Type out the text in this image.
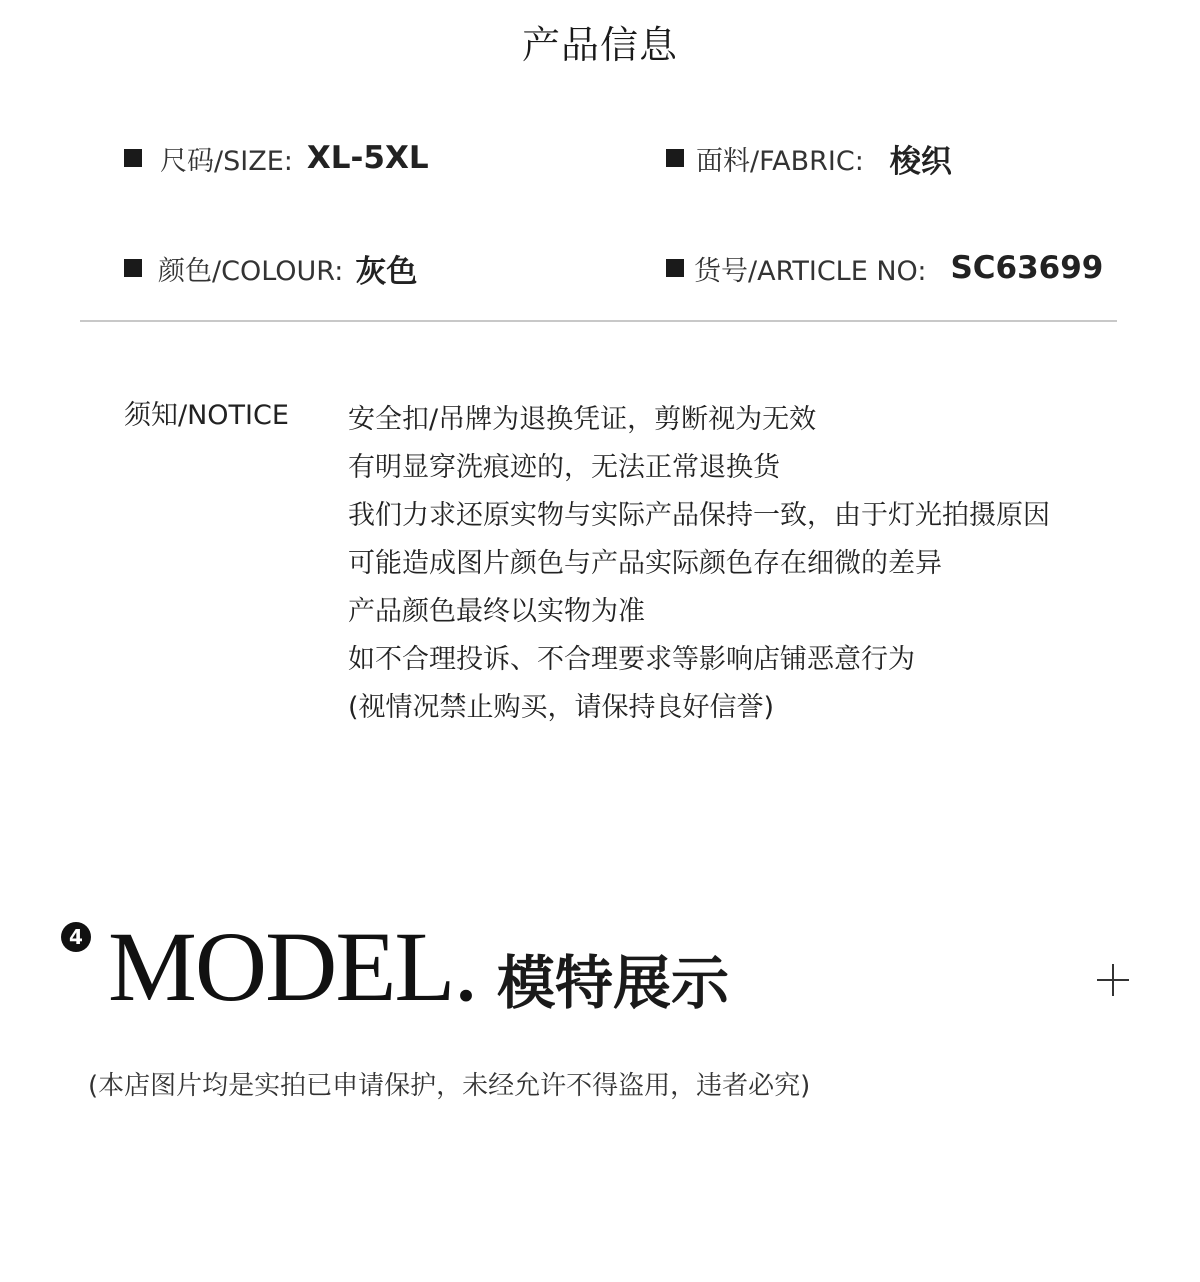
产品信息
尺码/SIZE: XL-5XL	面料/FABRIC: 梭织
颜色/COLOUR: 灰色	货号/ARTICLE NO: SC63699
须知/NOTICE 安全扣/吊牌为退换凭证，剪断视为无效
有明显穿洗痕迹的，无法正常退换货
我们力求还原实物与实际产品保持一致，由于灯光拍摄原因
可能造成图片颜色与产品实际颜色存在细微的差异
产品颜色最终以实物为准
如不合理投诉、不合理要求等影响店铺恶意行为
(视情况禁止购买，请保持良好信誉)
4 MODEL. 模特展示
(本店图片均是实拍已申请保护，未经允许不得盗用，违者必究)
